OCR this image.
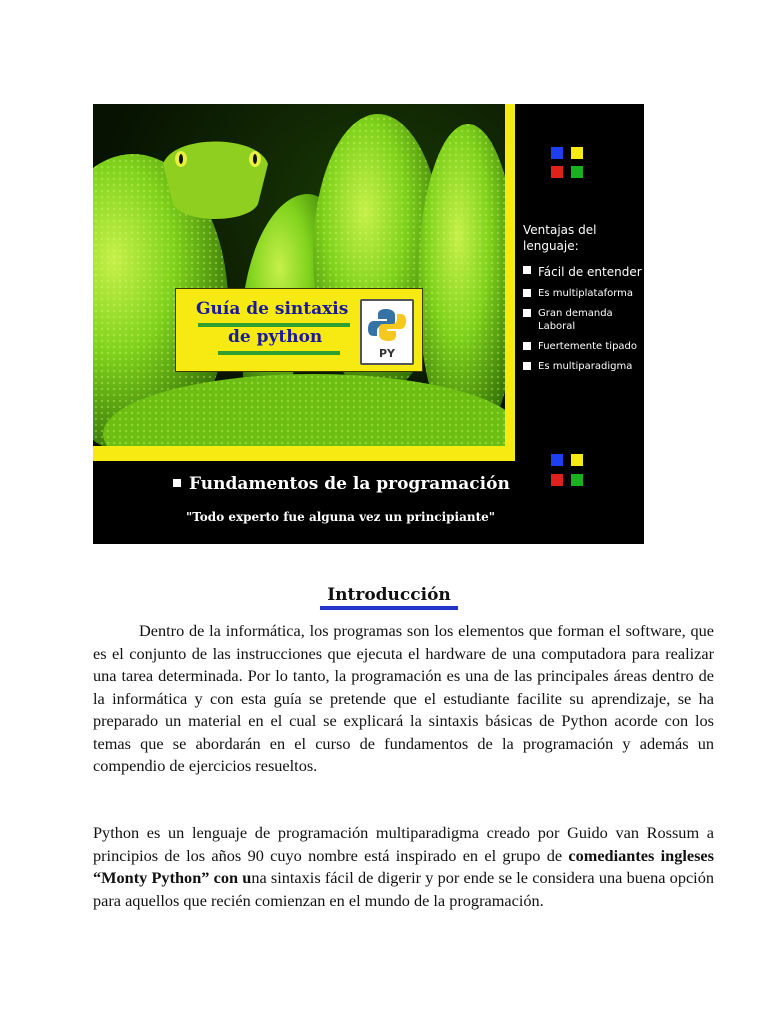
Ventajas del lenguaje:
Fácil de entender
Es multiplataforma
Gran demanda Laboral
Fuertemente tipado
Es multiparadigma
Guía de sintaxis
de python
PY
Fundamentos de la programación
"Todo experto fue alguna vez un principiante"
Introducción

Dentro de la informática, los programas son los elementos que forman el software, que es el conjunto de las instrucciones que ejecuta el hardware de una computadora para realizar una tarea determinada. Por lo tanto, la programación es una de las principales áreas dentro de la informática y con esta guía se pretende que el estudiante facilite su aprendizaje, se ha preparado un material en el cual se explicará la sintaxis básicas de Python acorde con los temas que se abordarán en el curso de fundamentos de la programación y además un compendio de ejercicios resueltos.

Python es un lenguaje de programación multiparadigma creado por Guido van Rossum a principios de los años 90 cuyo nombre está inspirado en el grupo de comediantes ingleses “Monty Python” con una sintaxis fácil de digerir y por ende se le considera una buena opción para aquellos que recién comienzan en el mundo de la programación.
